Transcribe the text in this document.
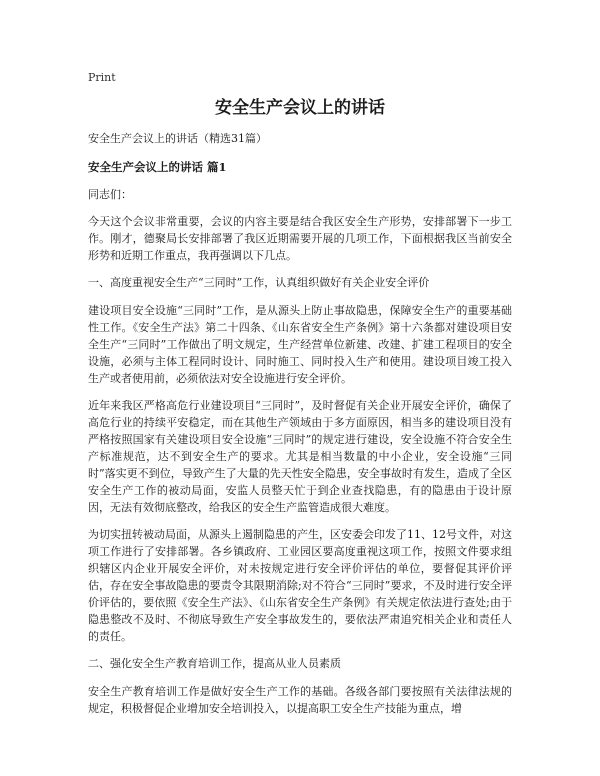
Print
安全生产会议上的讲话
安全生产会议上的讲话（精选31篇）
安全生产会议上的讲话 篇1
同志们：
今天这个会议非常重要，会议的内容主要是结合我区安全生产形势，安排部署下一步工作。刚才，德聚局长安排部署了我区近期需要开展的几项工作，下面根据我区当前安全形势和近期工作重点，我再强调以下几点。
一、高度重视安全生产“三同时”工作，认真组织做好有关企业安全评价
建设项目安全设施“三同时”工作，是从源头上防止事故隐患，保障安全生产的重要基础性工作。《安全生产法》第二十四条、《山东省安全生产条例》第十六条都对建设项目安全生产“三同时”工作做出了明文规定，生产经营单位新建、改建、扩建工程项目的安全设施，必须与主体工程同时设计、同时施工、同时投入生产和使用。建设项目竣工投入生产或者使用前，必须依法对安全设施进行安全评价。
近年来我区严格高危行业建设项目“三同时”，及时督促有关企业开展安全评价，确保了高危行业的持续平安稳定，而在其他生产领域由于多方面原因，相当多的建设项目没有严格按照国家有关建设项目安全设施“三同时”的规定进行建设，安全设施不符合安全生产标准规范，达不到安全生产的要求。尤其是相当数量的中小企业，安全设施“三同时”落实更不到位，导致产生了大量的先天性安全隐患，安全事故时有发生，造成了全区安全生产工作的被动局面，安监人员整天忙于到企业查找隐患，有的隐患由于设计原因，无法有效彻底整改，给我区的安全生产监管造成很大难度。
为切实扭转被动局面，从源头上遏制隐患的产生，区安委会印发了11、12号文件，对这项工作进行了安排部署。各乡镇政府、工业园区要高度重视这项工作，按照文件要求组织辖区内企业开展安全评价，对未按规定进行安全评价评估的单位，要督促其评价评估，存在安全事故隐患的要责令其限期消除;对不符合“三同时”要求，不及时进行安全评价评估的，要依照《安全生产法》、《山东省安全生产条例》有关规定依法进行查处;由于隐患整改不及时、不彻底导致生产安全事故发生的，要依法严肃追究相关企业和责任人的责任。
二、强化安全生产教育培训工作，提高从业人员素质
安全生产教育培训工作是做好安全生产工作的基础。各级各部门要按照有关法律法规的规定，积极督促企业增加安全培训投入，以提高职工安全生产技能为重点，增
